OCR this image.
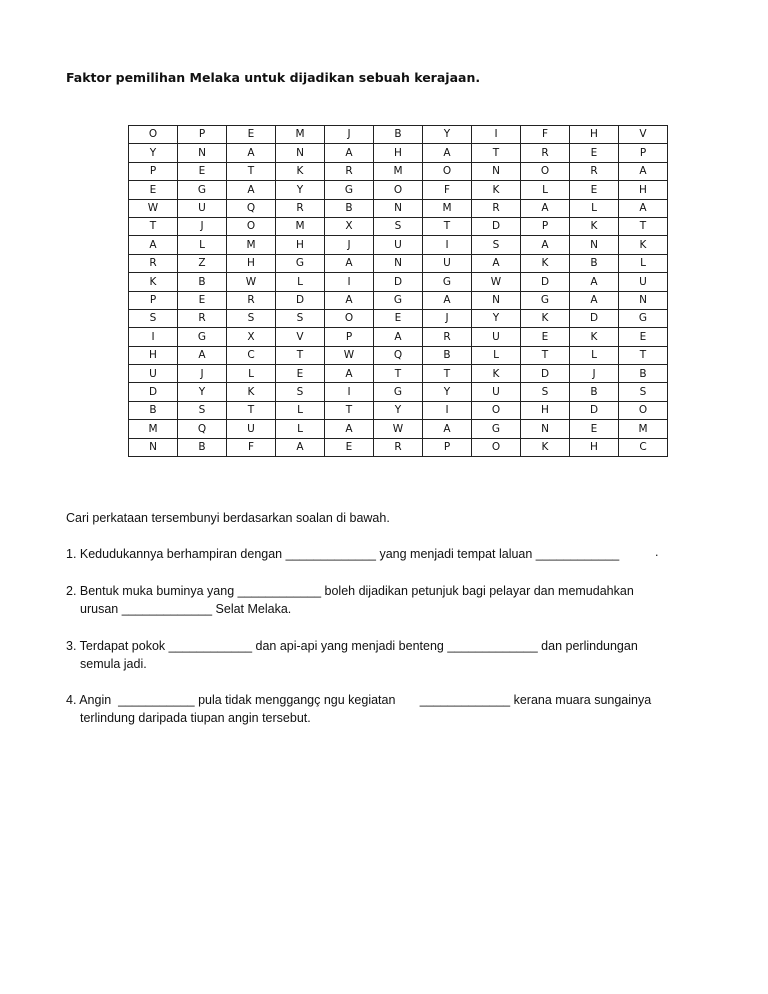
Faktor pemilihan Melaka untuk dijadikan sebuah kerajaan.
O	P	E	M	J	B	Y	I	F	H	V
Y	N	A	N	A	H	A	T	R	E	P
P	E	T	K	R	M	O	N	O	R	A
E	G	A	Y	G	O	F	K	L	E	H
W	U	Q	R	B	N	M	R	A	L	A
T	J	O	M	X	S	T	D	P	K	T
A	L	M	H	J	U	I	S	A	N	K
R	Z	H	G	A	N	U	A	K	B	L
K	B	W	L	I	D	G	W	D	A	U
P	E	R	D	A	G	A	N	G	A	N
S	R	S	S	O	E	J	Y	K	D	G
I	G	X	V	P	A	R	U	E	K	E
H	A	C	T	W	Q	B	L	T	L	T
U	J	L	E	A	T	T	K	D	J	B
D	Y	K	S	I	G	Y	U	S	B	S
B	S	T	L	T	Y	I	O	H	D	O
M	Q	U	L	A	W	A	G	N	E	M
N	B	F	A	E	R	P	O	K	H	C
Cari perkataan tersembunyi berdasarkan soalan di bawah.
1. Kedudukannya berhampiran dengan _____________ yang menjadi tempat laluan ____________	.
2. Bentuk muka buminya yang ____________ boleh dijadikan petunjuk bagi pelayar dan memudahkan
urusan _____________ Selat Melaka.
3. Terdapat pokok ____________ dan api-api yang menjadi benteng _____________ dan perlindungan
semula jadi.
4. Angin  ___________ pula tidak menggangç ngu kegiatan       _____________ kerana muara sungainya
terlindung daripada tiupan angin tersebut.
